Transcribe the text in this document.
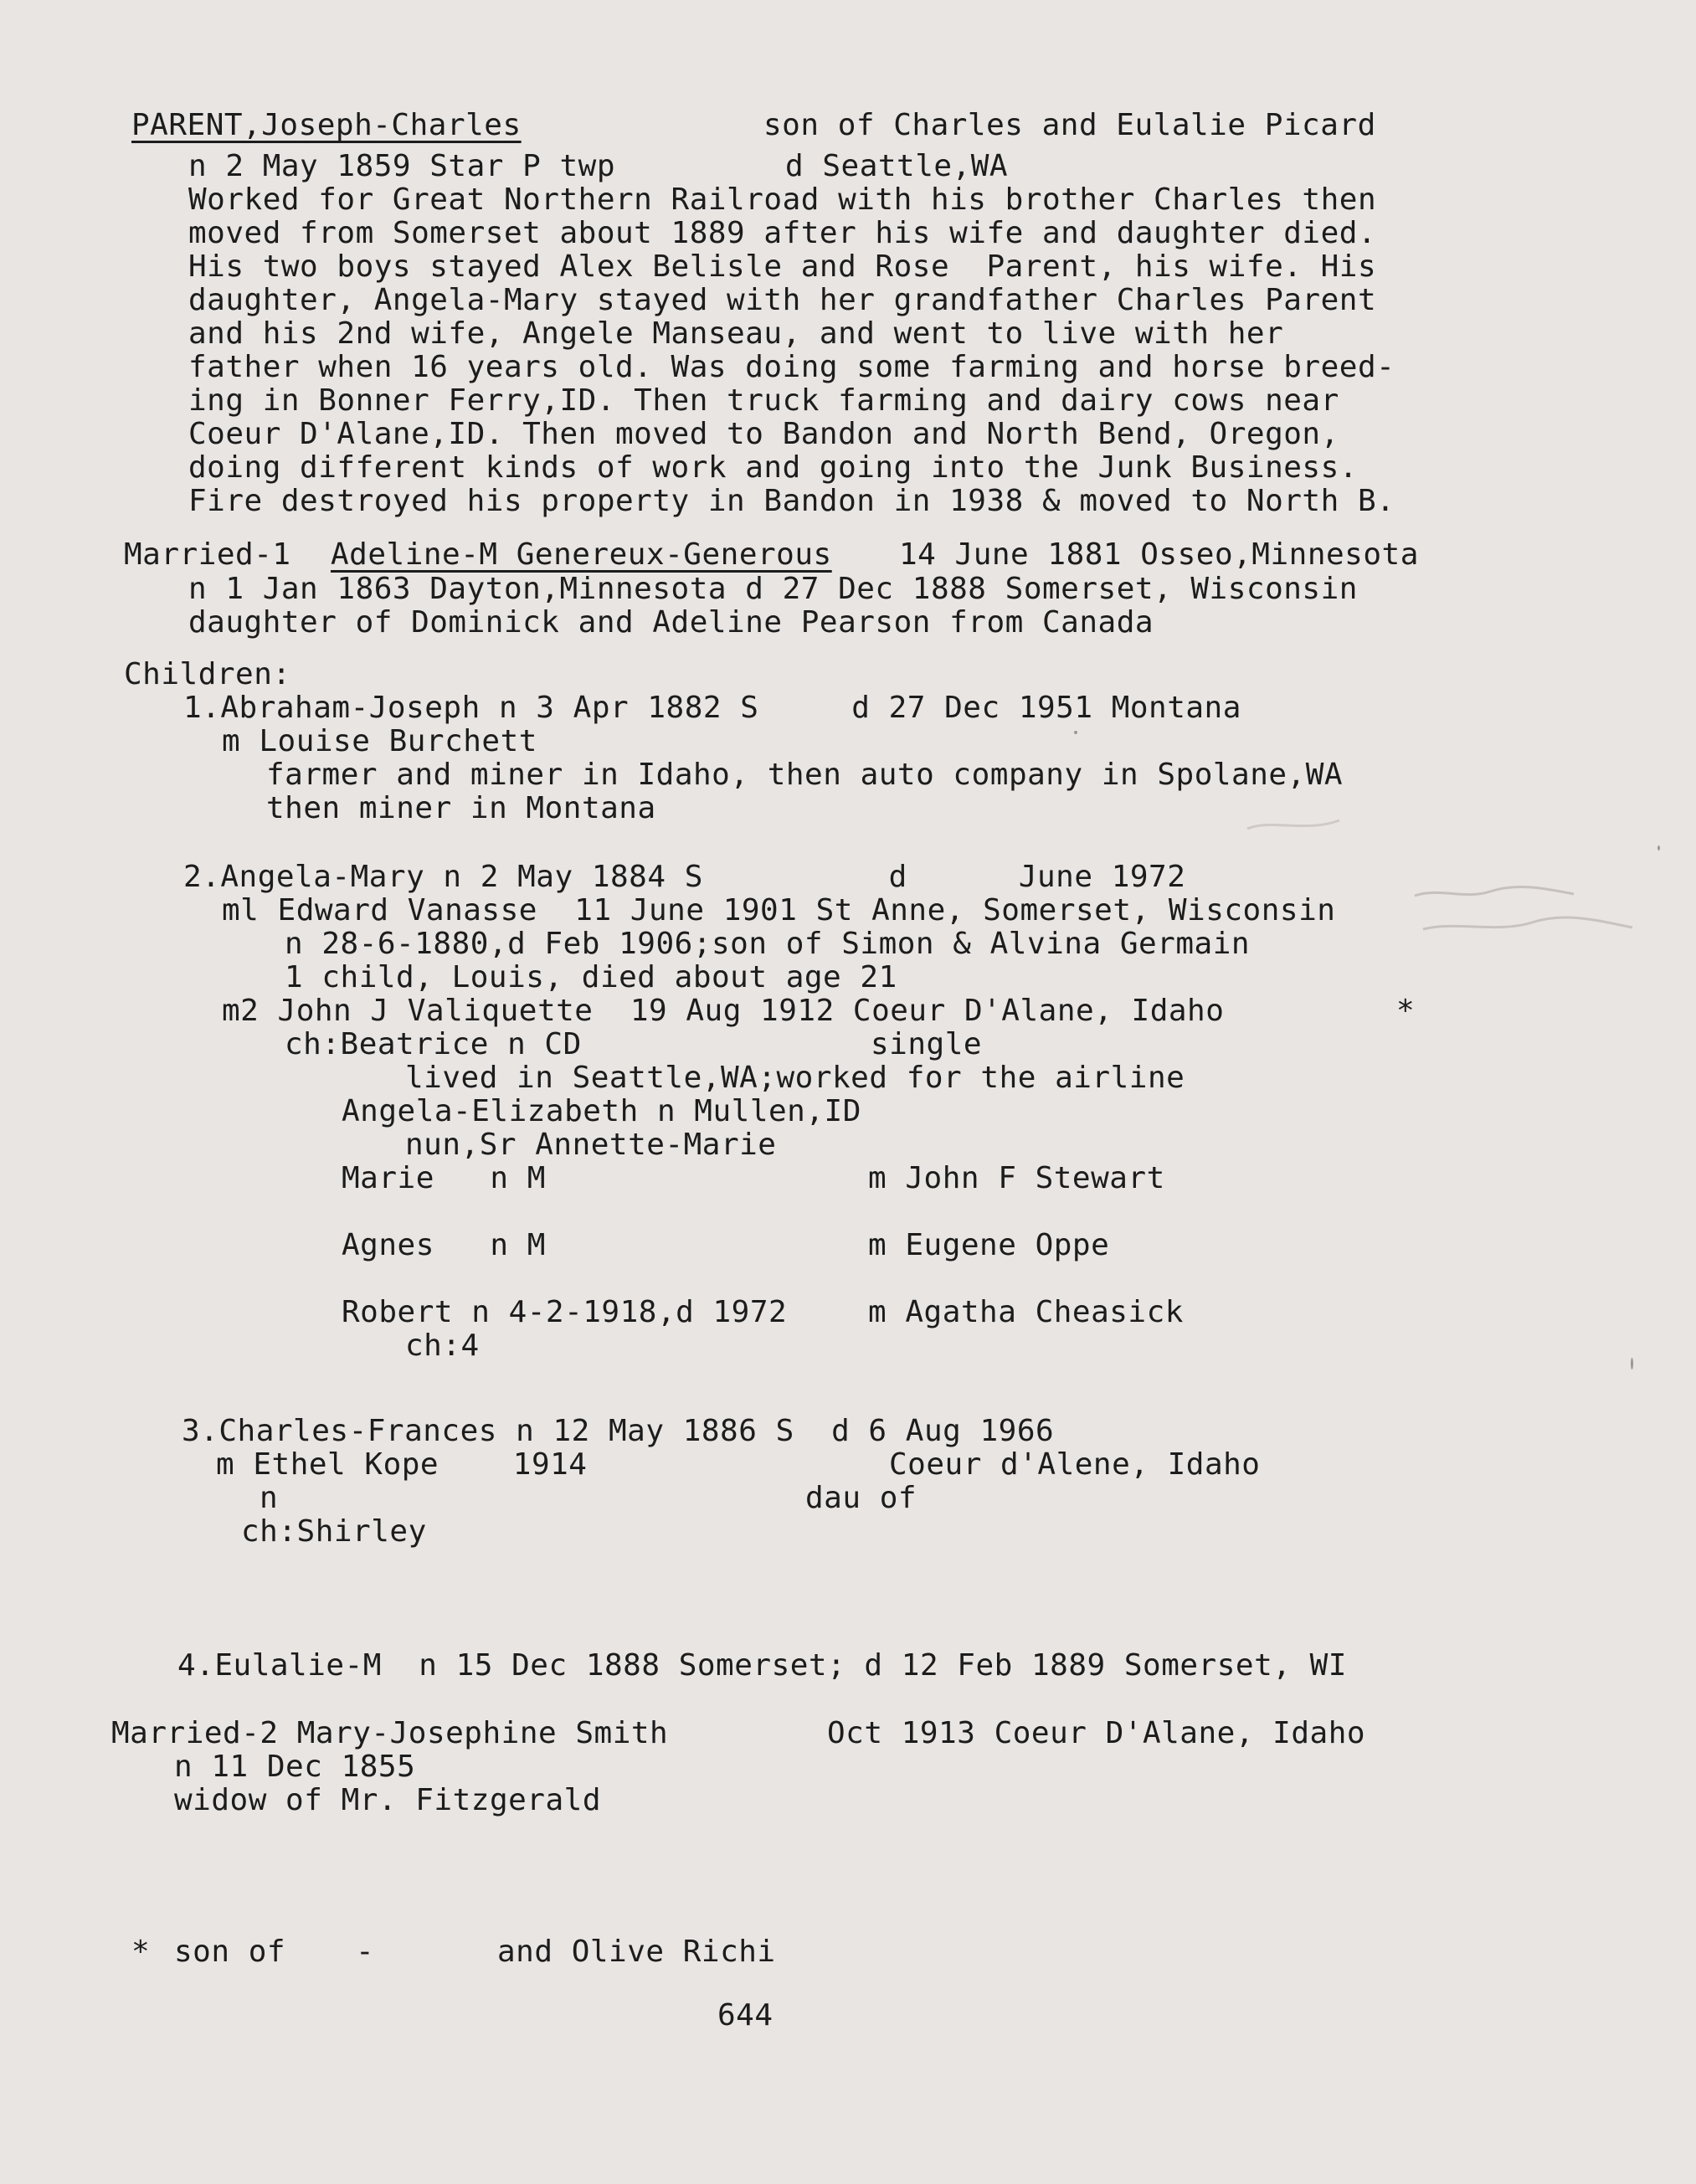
PARENT,Joseph-Charles	son of Charles and Eulalie Picard
n 2 May 1859 Star P twp	d Seattle,WA
Worked for Great Northern Railroad with his brother Charles then
moved from Somerset about 1889 after his wife and daughter died.
His two boys stayed Alex Belisle and Rose  Parent, his wife. His
daughter, Angela-Mary stayed with her grandfather Charles Parent
and his 2nd wife, Angele Manseau, and went to live with her
father when 16 years old. Was doing some farming and horse breed-
ing in Bonner Ferry,ID. Then truck farming and dairy cows near
Coeur D'Alane,ID. Then moved to Bandon and North Bend, Oregon,
doing different kinds of work and going into the Junk Business.
Fire destroyed his property in Bandon in 1938 & moved to North B.
Married-1 Adeline-M Genereux-Generous 14 June 1881 Osseo,Minnesota
n 1 Jan 1863 Dayton,Minnesota d 27 Dec 1888 Somerset, Wisconsin
daughter of Dominick and Adeline Pearson from Canada
Children:
1.Abraham-Joseph n 3 Apr 1882 S     d 27 Dec 1951 Montana
m Louise Burchett
farmer and miner in Idaho, then auto company in Spolane,WA
then miner in Montana
2.Angela-Mary n 2 May 1884 S          d      June 1972
ml Edward Vanasse  11 June 1901 St Anne, Somerset, Wisconsin
n 28-6-1880,d Feb 1906;son of Simon & Alvina Germain
1 child, Louis, died about age 21
m2 John J Valiquette  19 Aug 1912 Coeur D'Alane, Idaho	*
ch:Beatrice n CD	single
lived in Seattle,WA;worked for the airline
Angela-Elizabeth n Mullen,ID
nun,Sr Annette-Marie
Marie   n M	m John F Stewart
Agnes   n M	m Eugene Oppe
Robert n 4-2-1918,d 1972	m Agatha Cheasick
ch:4
3.Charles-Frances n 12 May 1886 S  d 6 Aug 1966
m Ethel Kope    1914	Coeur d'Alene, Idaho
n	dau of
ch:Shirley
4.Eulalie-M  n 15 Dec 1888 Somerset; d 12 Feb 1889 Somerset, WI
Married-2 Mary-Josephine Smith	Oct 1913 Coeur D'Alane, Idaho
n 11 Dec 1855
widow of Mr. Fitzgerald
* son of -	and Olive Richi
644
